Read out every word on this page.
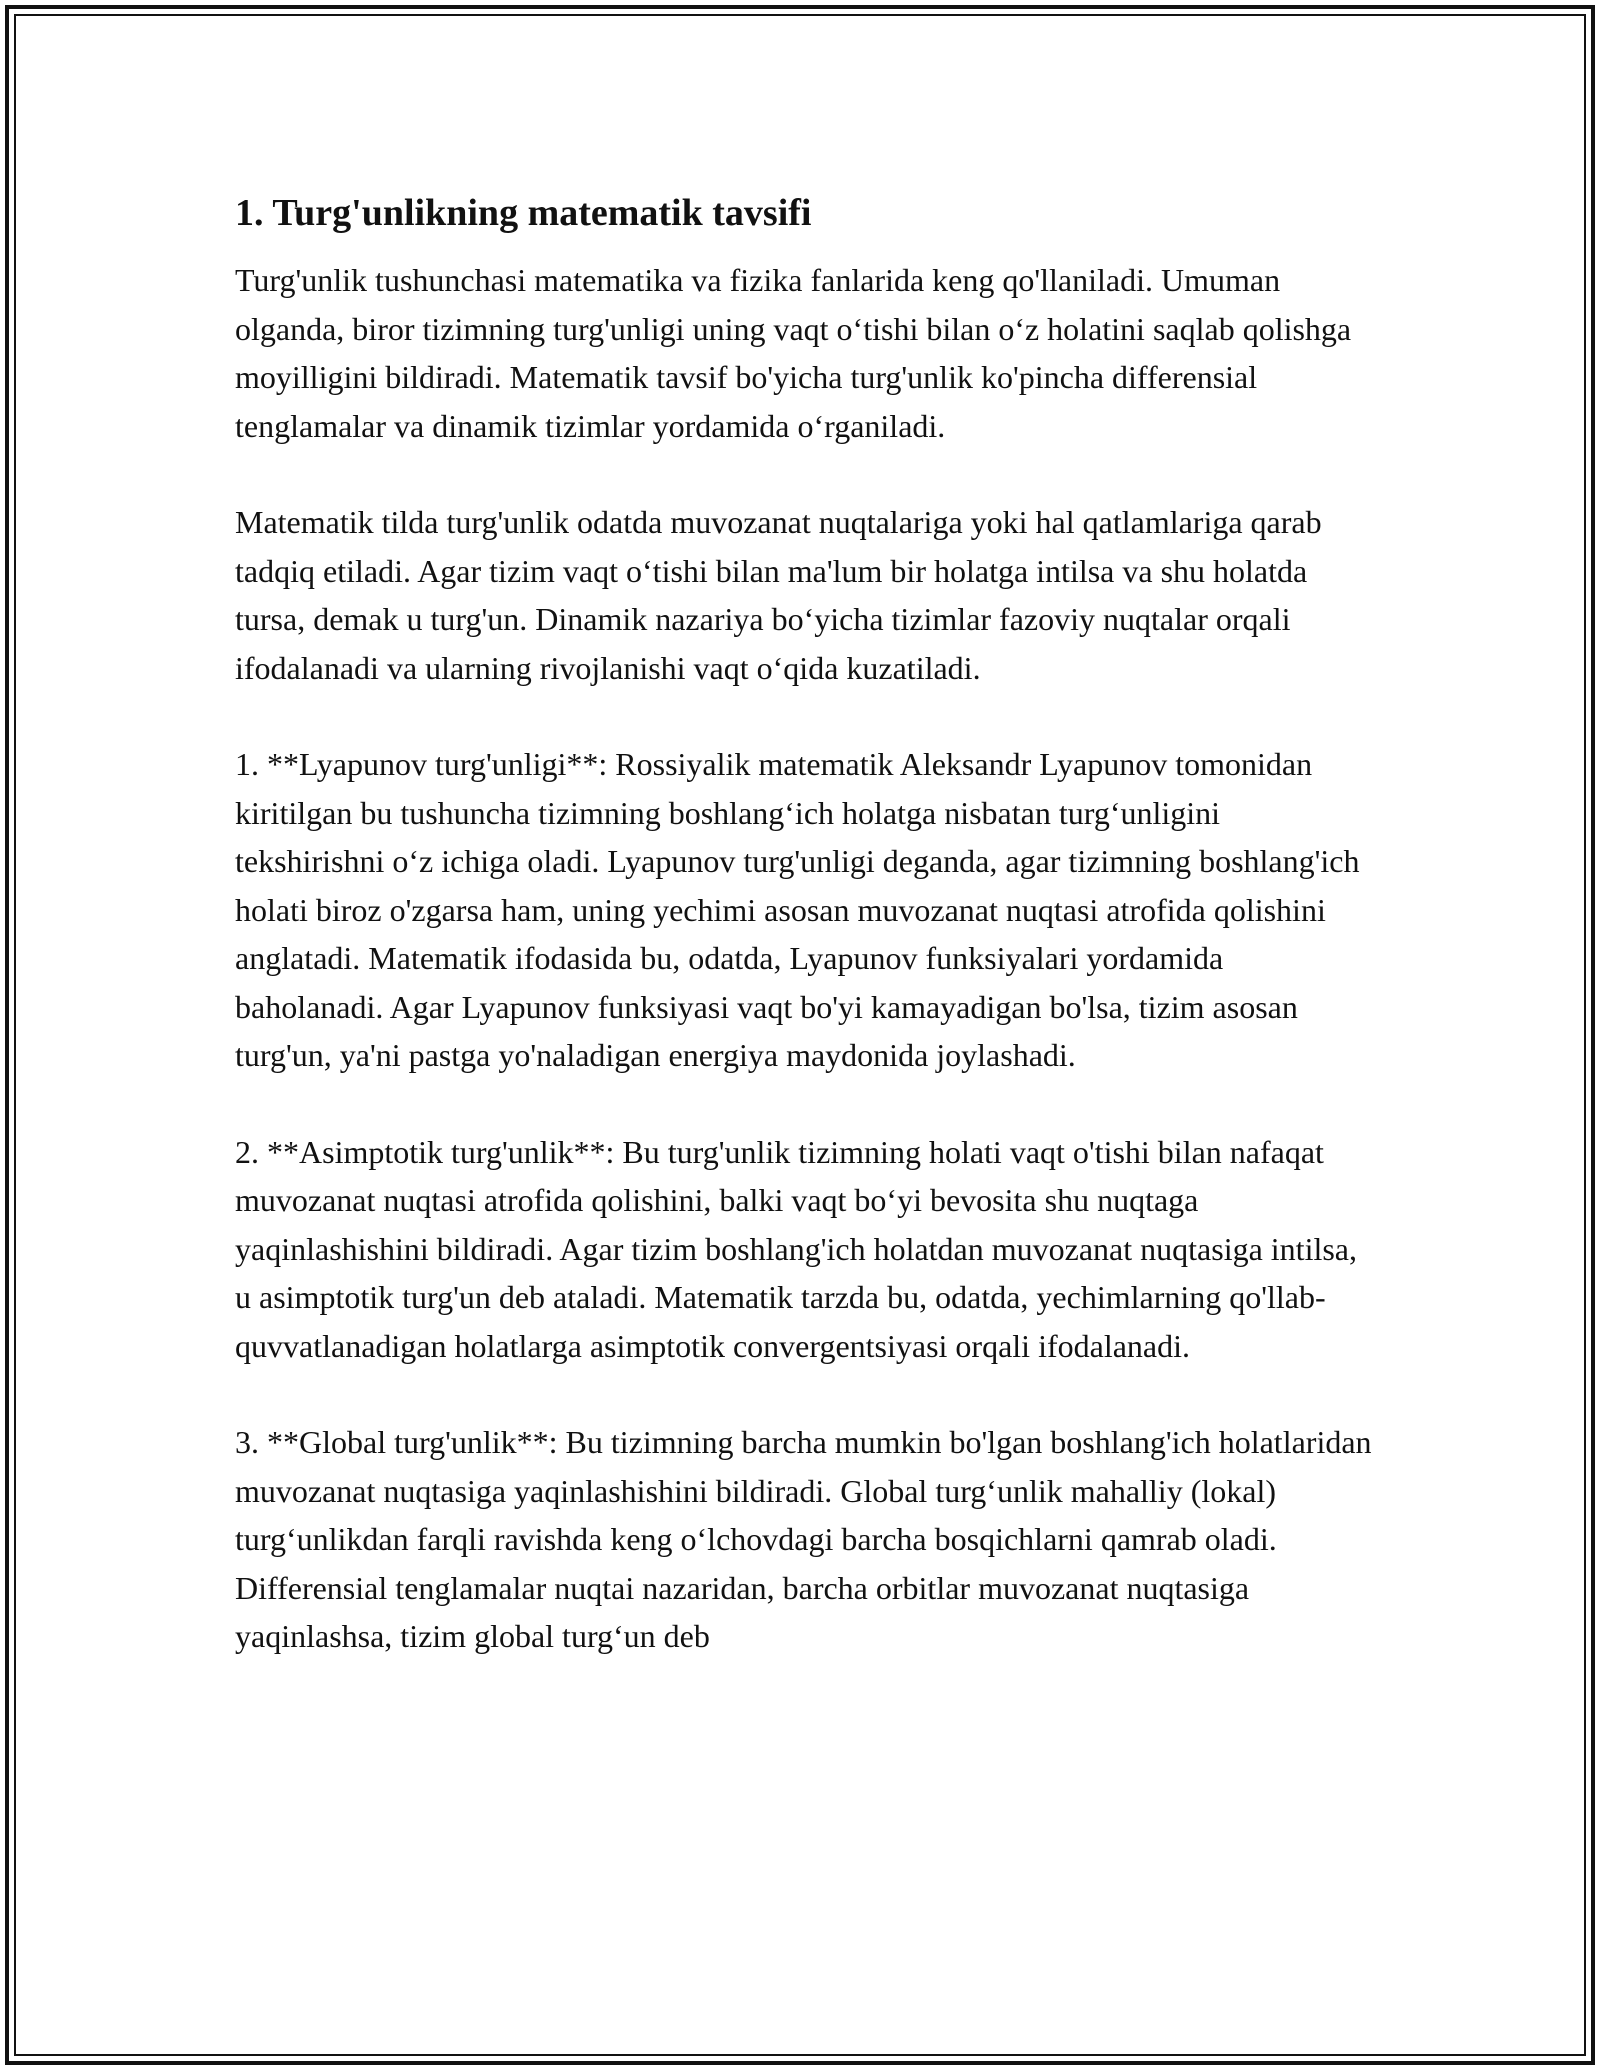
1. Turg'unlikning matematik tavsifi

Turg'unlik tushunchasi matematika va fizika fanlarida keng qo'llaniladi. Umuman olganda, biror tizimning turg'unligi uning vaqt oʻtishi bilan oʻz holatini saqlab qolishga moyilligini bildiradi. Matematik tavsif bo'yicha turg'unlik ko'pincha differensial tenglamalar va dinamik tizimlar yordamida oʻrganiladi.

Matematik tilda turg'unlik odatda muvozanat nuqtalariga yoki hal qatlamlariga qarab tadqiq etiladi. Agar tizim vaqt oʻtishi bilan ma'lum bir holatga intilsa va shu holatda tursa, demak u turg'un. Dinamik nazariya boʻyicha tizimlar fazoviy nuqtalar orqali ifodalanadi va ularning rivojlanishi vaqt oʻqida kuzatiladi.

1. **Lyapunov turg'unligi**: Rossiyalik matematik Aleksandr Lyapunov tomonidan kiritilgan bu tushuncha tizimning boshlangʻich holatga nisbatan turgʻunligini tekshirishni oʻz ichiga oladi. Lyapunov turg'unligi deganda, agar tizimning boshlang'ich holati biroz o'zgarsa ham, uning yechimi asosan muvozanat nuqtasi atrofida qolishini anglatadi. Matematik ifodasida bu, odatda, Lyapunov funksiyalari yordamida baholanadi. Agar Lyapunov funksiyasi vaqt bo'yi kamayadigan bo'lsa, tizim asosan turg'un, ya'ni pastga yo'naladigan energiya maydonida joylashadi.

2. **Asimptotik turg'unlik**: Bu turg'unlik tizimning holati vaqt o'tishi bilan nafaqat muvozanat nuqtasi atrofida qolishini, balki vaqt boʻyi bevosita shu nuqtaga yaqinlashishini bildiradi. Agar tizim boshlang'ich holatdan muvozanat nuqtasiga intilsa, u asimptotik turg'un deb ataladi. Matematik tarzda bu, odatda, yechimlarning qo'llab-quvvatlanadigan holatlarga asimptotik convergentsiyasi orqali ifodalanadi.

3. **Global turg'unlik**: Bu tizimning barcha mumkin bo'lgan boshlang'ich holatlaridan muvozanat nuqtasiga yaqinlashishini bildiradi. Global turgʻunlik mahalliy (lokal) turgʻunlikdan farqli ravishda keng oʻlchovdagi barcha bosqichlarni qamrab oladi. Differensial tenglamalar nuqtai nazaridan, barcha orbitlar muvozanat nuqtasiga yaqinlashsa, tizim global turgʻun deb
